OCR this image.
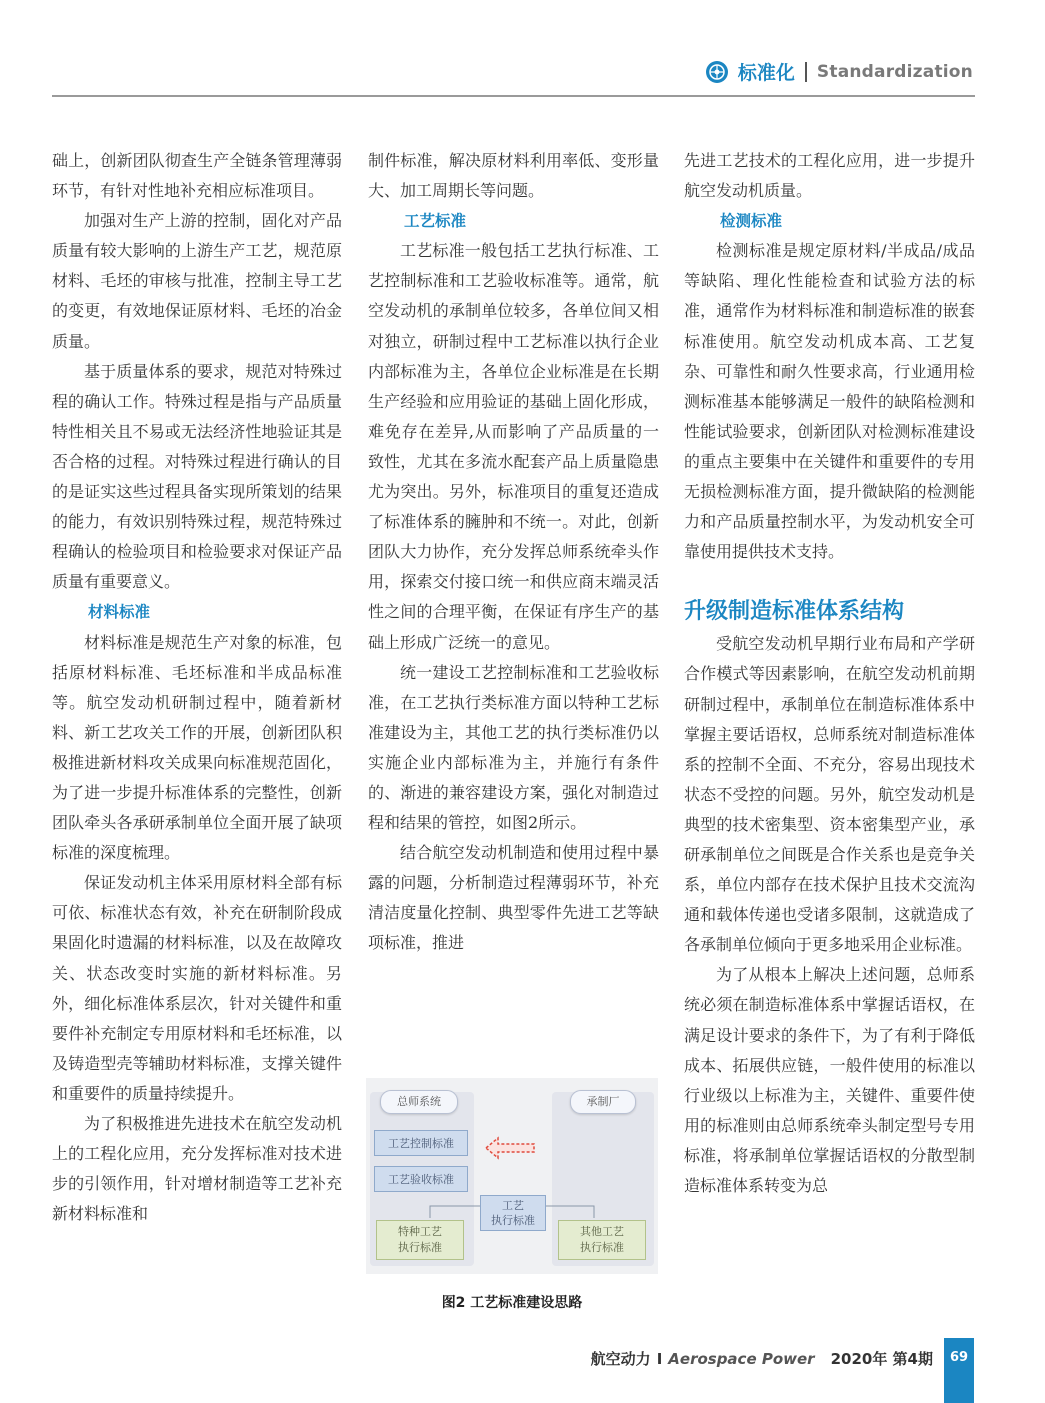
标准化 Standardization

础上，创新团队彻查生产全链条管理薄弱环节，有针对性地补充相应标准项目。

加强对生产上游的控制，固化对产品质量有较大影响的上游生产工艺，规范原材料、毛坯的审核与批准，控制主导工艺的变更，有效地保证原材料、毛坯的冶金质量。

基于质量体系的要求，规范对特殊过程的确认工作。特殊过程是指与产品质量特性相关且不易或无法经济性地验证其是否合格的过程。对特殊过程进行确认的目的是证实这些过程具备实现所策划的结果的能力，有效识别特殊过程，规范特殊过程确认的检验项目和检验要求对保证产品质量有重要意义。

材料标准

材料标准是规范生产对象的标准，包括原材料标准、毛坯标准和半成品标准等。航空发动机研制过程中，随着新材料、新工艺攻关工作的开展，创新团队积极推进新材料攻关成果向标准规范固化，为了进一步提升标准体系的完整性，创新团队牵头各承研承制单位全面开展了缺项标准的深度梳理。

保证发动机主体采用原材料全部有标可依、标准状态有效，补充在研制阶段成果固化时遗漏的材料标准，以及在故障攻关、状态改变时实施的新材料标准。另外，细化标准体系层次，针对关键件和重要件补充制定专用原材料和毛坯标准，以及铸造型壳等辅助材料标准，支撑关键件和重要件的质量持续提升。

为了积极推进先进技术在航空发动机上的工程化应用，充分发挥标准对技术进步的引领作用，针对增材制造等工艺补充新材料标准和

制件标准，解决原材料利用率低、变形量大、加工周期长等问题。

工艺标准

工艺标准一般包括工艺执行标准、工艺控制标准和工艺验收标准等。通常，航空发动机的承制单位较多，各单位间又相对独立，研制过程中工艺标准以执行企业内部标准为主，各单位企业标准是在长期生产经验和应用验证的基础上固化形成，难免存在差异,从而影响了产品质量的一致性，尤其在多流水配套产品上质量隐患尤为突出。另外，标准项目的重复还造成了标准体系的臃肿和不统一。对此，创新团队大力协作，充分发挥总师系统牵头作用，探索交付接口统一和供应商末端灵活性之间的合理平衡，在保证有序生产的基础上形成广泛统一的意见。

统一建设工艺控制标准和工艺验收标准，在工艺执行类标准方面以特种工艺标准建设为主，其他工艺的执行类标准仍以实施企业内部标准为主，并施行有条件的、渐进的兼容建设方案，强化对制造过程和结果的管控，如图2所示。

结合航空发动机制造和使用过程中暴露的问题，分析制造过程薄弱环节，补充清洁度量化控制、典型零件先进工艺等缺项标准，推进

先进工艺技术的工程化应用，进一步提升航空发动机质量。

检测标准

检测标准是规定原材料/半成品/成品等缺陷、理化性能检查和试验方法的标准，通常作为材料标准和制造标准的嵌套标准使用。航空发动机成本高、工艺复杂、可靠性和耐久性要求高，行业通用检测标准基本能够满足一般件的缺陷检测和性能试验要求，创新团队对检测标准建设的重点主要集中在关键件和重要件的专用无损检测标准方面，提升微缺陷的检测能力和产品质量控制水平，为发动机安全可靠使用提供技术支持。

升级制造标准体系结构

受航空发动机早期行业布局和产学研合作模式等因素影响，在航空发动机前期研制过程中，承制单位在制造标准体系中掌握主要话语权，总师系统对制造标准体系的控制不全面、不充分，容易出现技术状态不受控的问题。另外，航空发动机是典型的技术密集型、资本密集型产业，承研承制单位之间既是合作关系也是竞争关系，单位内部存在技术保护且技术交流沟通和载体传递也受诸多限制，这就造成了各承制单位倾向于更多地采用企业标准。

为了从根本上解决上述问题，总师系统必须在制造标准体系中掌握话语权，在满足设计要求的条件下，为了有利于降低成本、拓展供应链，一般件使用的标准以行业级以上标准为主，关键件、重要件使用的标准则由总师系统牵头制定型号专用标准，将承制单位掌握话语权的分散型制造标准体系转变为总

总师系统	承制厂
工艺控制标准
工艺验收标准
工艺
执行标准
特种工艺
执行标准
其他工艺
执行标准
图2 工艺标准建设思路
航空动力 I Aerospace Power 2020年 第4期	69
